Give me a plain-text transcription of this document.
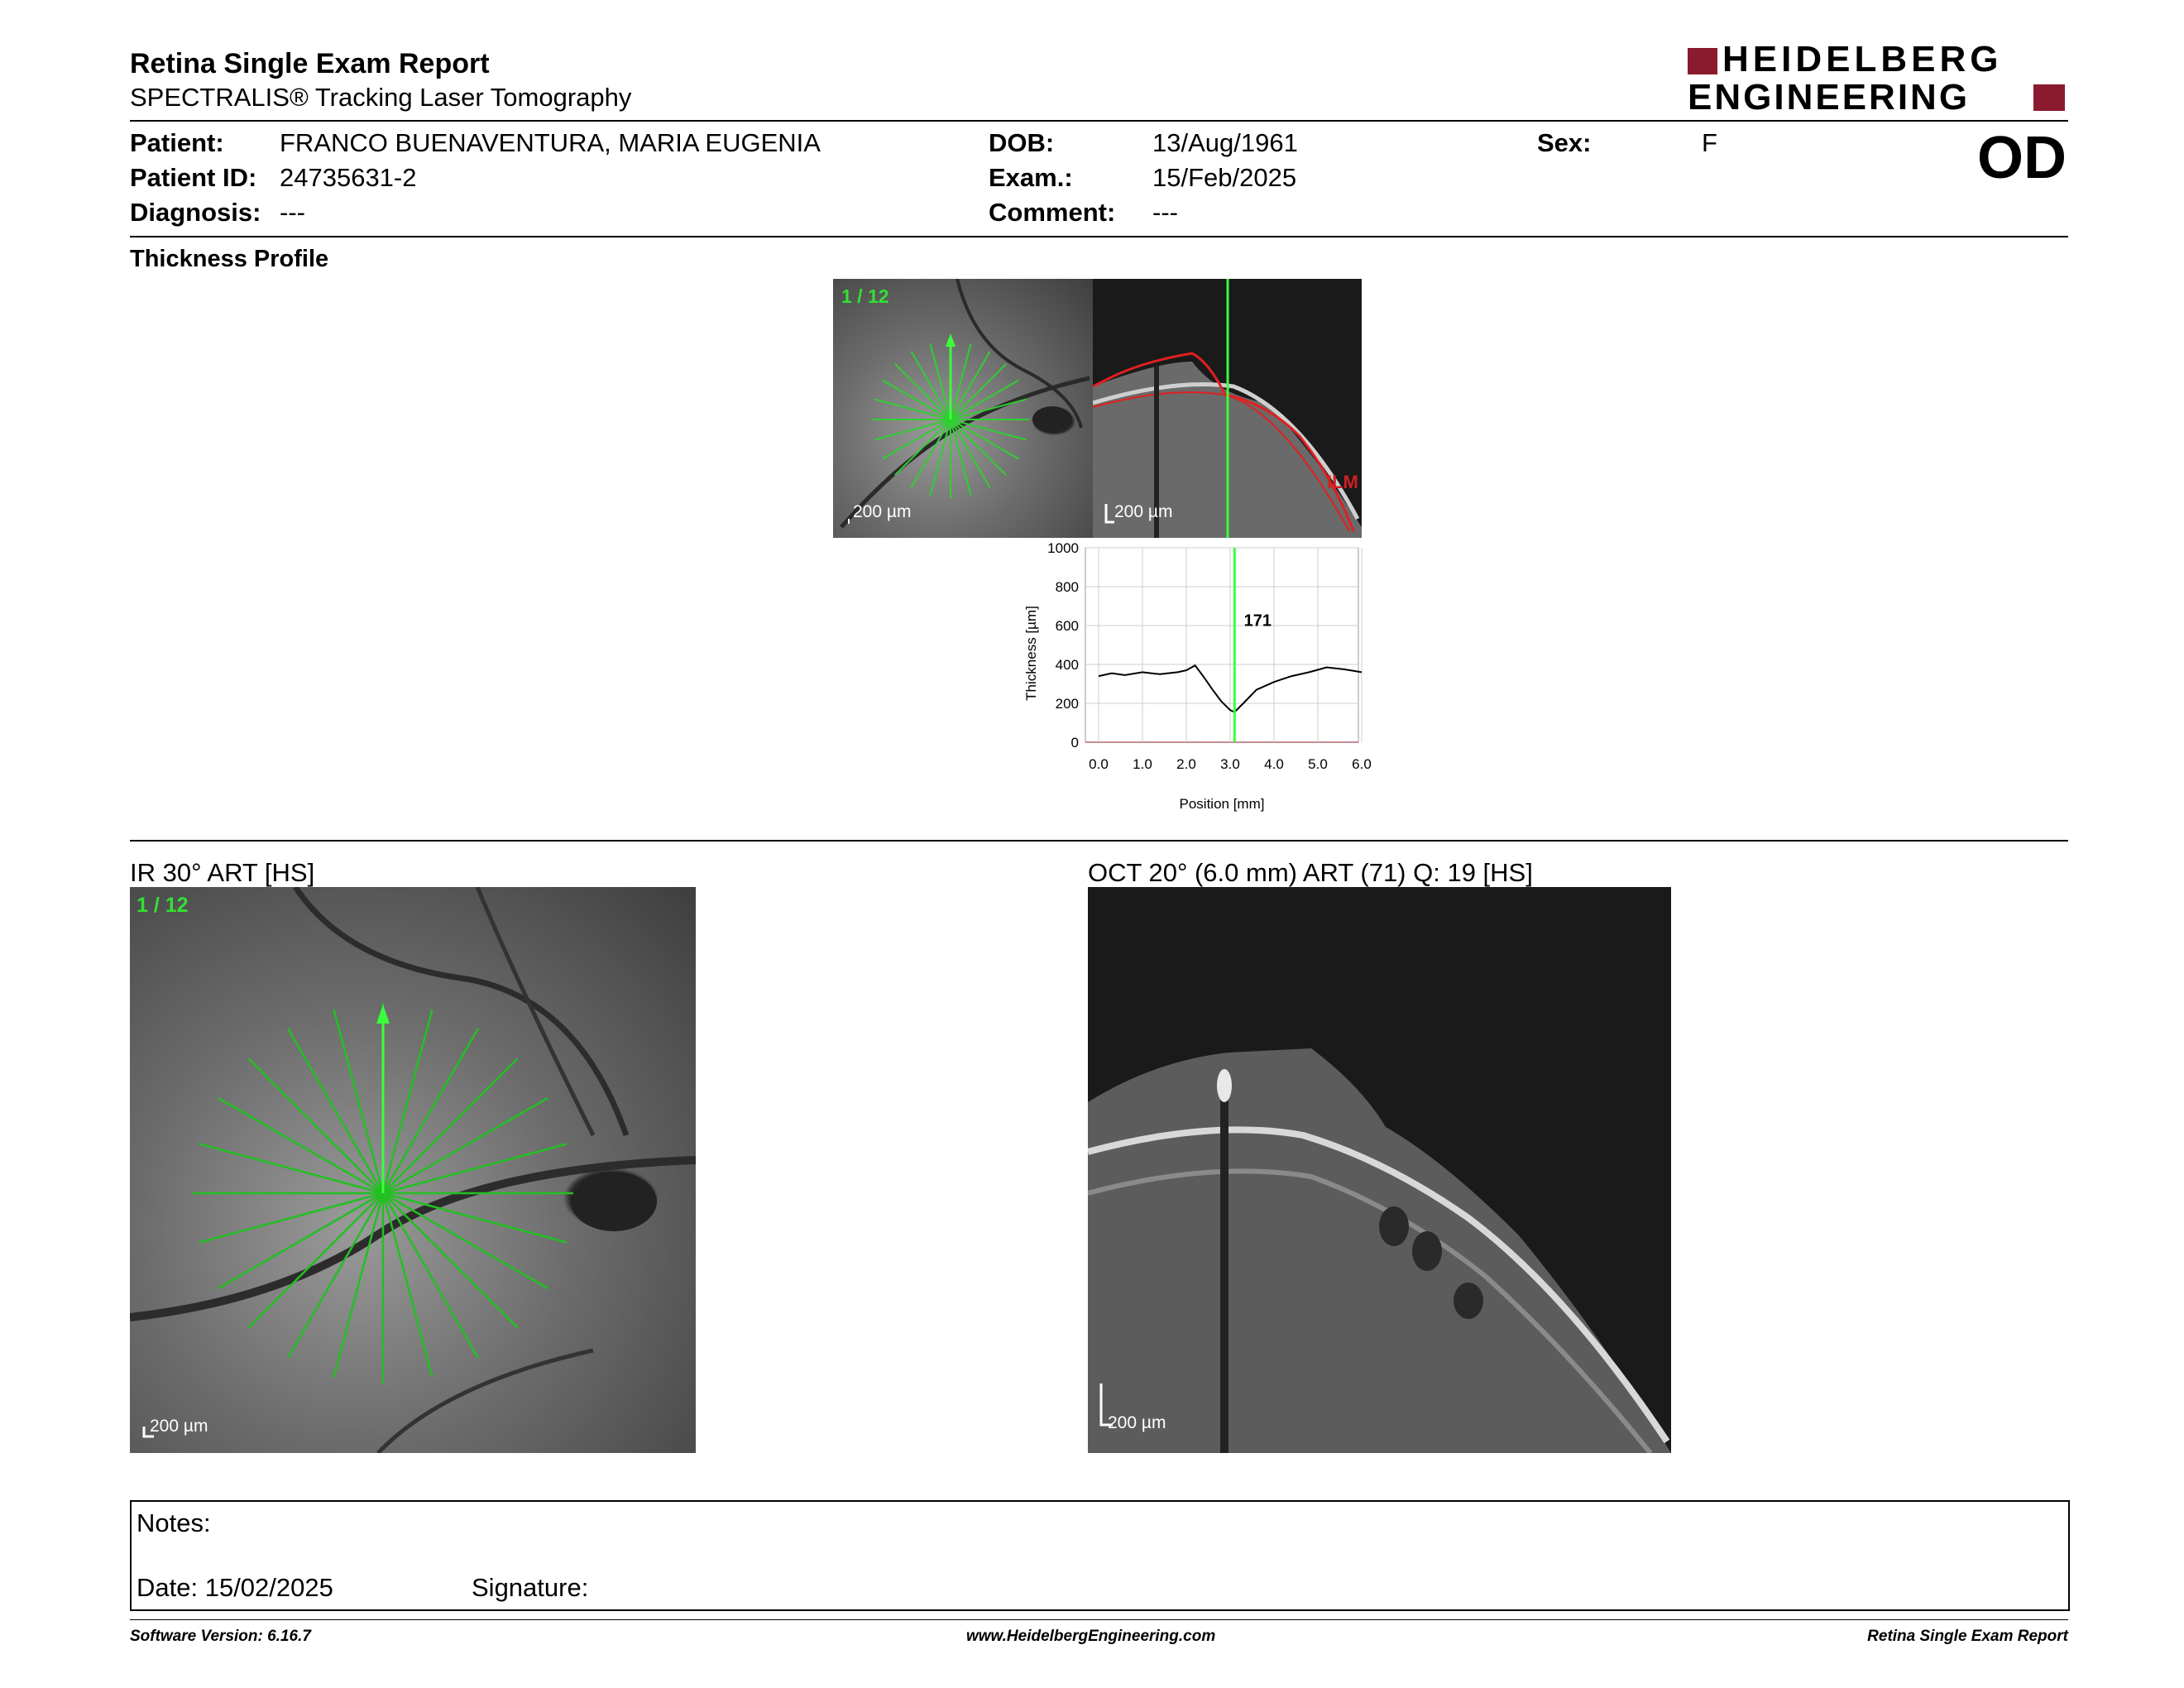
Retina Single Exam Report
SPECTRALIS® Tracking Laser Tomography
HEIDELBERG
ENGINEERING
Patient: FRANCO BUENAVENTURA, MARIA EUGENIA
Patient ID: 24735631-2
Diagnosis: ---
DOB:	13/Aug/1961
Exam.:	15/Feb/2025
Comment: ---
Sex:	F	OD
Thickness Profile
1 / 12
200 µm
ILM
200 µm
0
200
400
600
800
1000
0.0 1.0 2.0 3.0 4.0 5.0 6.0
171
Position [mm]
Thickness [µm]
IR 30° ART [HS]	OCT 20° (6.0 mm) ART (71) Q: 19 [HS]
1 / 12
200 µm	200 µm
Notes:
Date: 15/02/2025	Signature:
Software Version: 6.16.7	www.HeidelbergEngineering.com	Retina Single Exam Report
